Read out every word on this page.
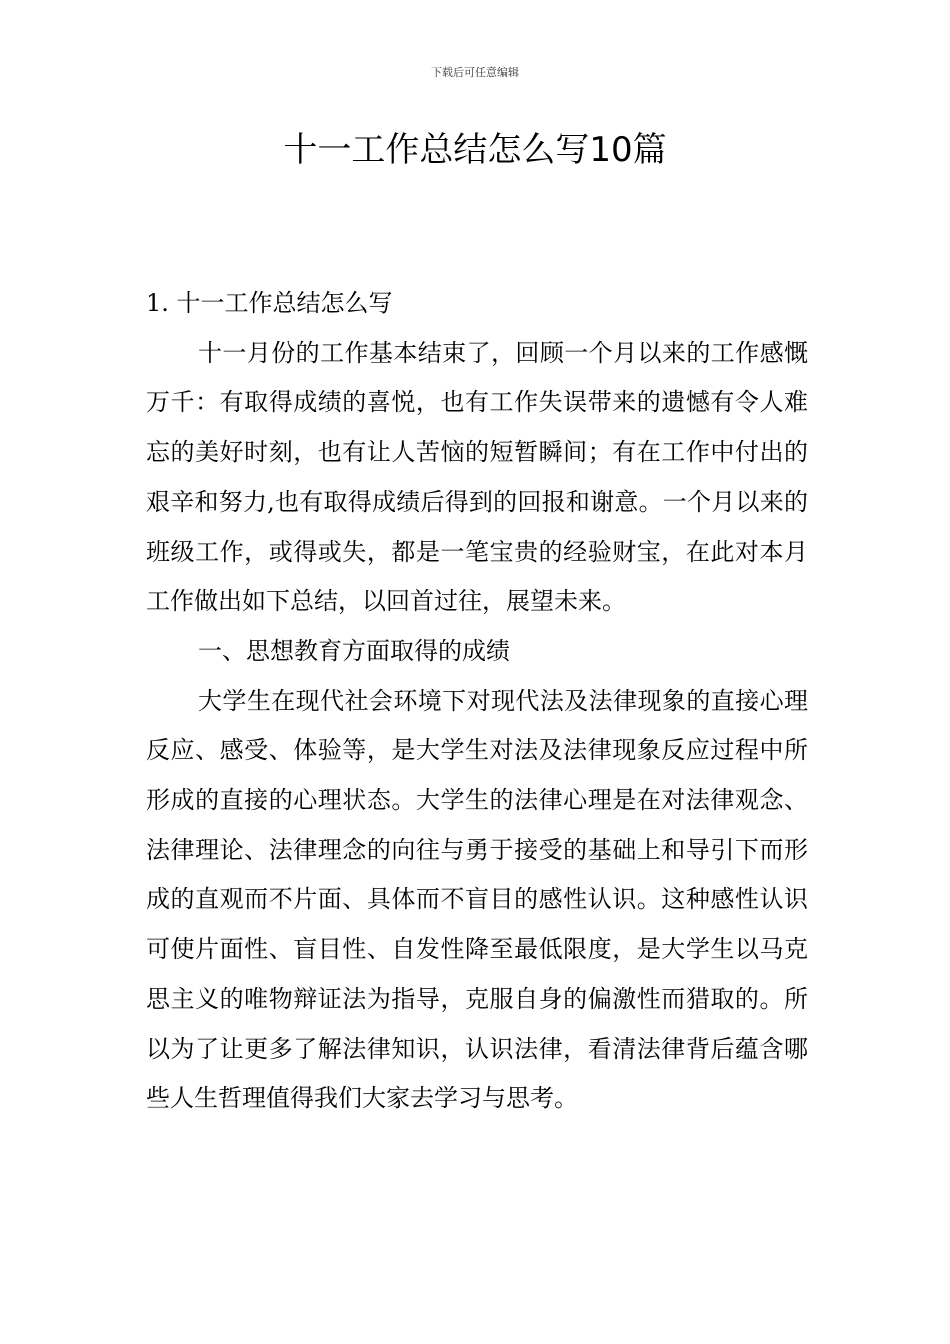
下载后可任意编辑
十一工作总结怎么写10篇

1. 十一工作总结怎么写

十一月份的工作基本结束了，回顾一个月以来的工作感慨万千：有取得成绩的喜悦，也有工作失误带来的遗憾有令人难忘的美好时刻，也有让人苦恼的短暂瞬间；有在工作中付出的艰辛和努力,也有取得成绩后得到的回报和谢意。一个月以来的班级工作，或得或失，都是一笔宝贵的经验财宝，在此对本月工作做出如下总结，以回首过往，展望未来。

一、思想教育方面取得的成绩

大学生在现代社会环境下对现代法及法律现象的直接心理反应、感受、体验等，是大学生对法及法律现象反应过程中所形成的直接的心理状态。大学生的法律心理是在对法律观念、法律理论、法律理念的向往与勇于接受的基础上和导引下而形成的直观而不片面、具体而不盲目的感性认识。这种感性认识可使片面性、盲目性、自发性降至最低限度，是大学生以马克思主义的唯物辩证法为指导，克服自身的偏激性而猎取的。所以为了让更多了解法律知识，认识法律，看清法律背后蕴含哪些人生哲理值得我们大家去学习与思考。
